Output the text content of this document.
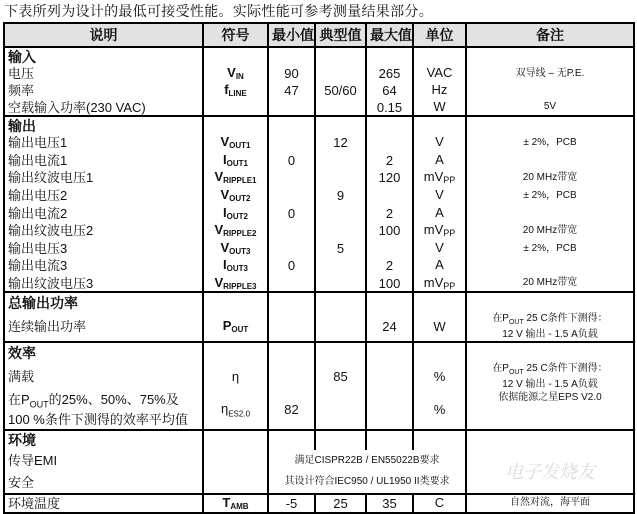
下表所列为设计的最低可接受性能。实际性能可参考测量结果部分。
说明	符号	最小值	典型值	最大值	单位	备注
输入						
电压	$V_{IN}$	90		265	VAC	双导线 – 无P.E.
频率	$f_{LINE}$	47	50/60	64	Hz	
空载输入功率(230 VAC)				0.15	W	5V
输出						
输出电压1	$V_{OUT1}$		12		V	± 2%，PCB
输出电流1	$I_{OUT1}$	0		2	A	
输出纹波电压1	$V_{RIPPLE1}$			120	$mV_{PP}$	20 MHz带宽
输出电压2	$V_{OUT2}$		9		V	± 2%，PCB
输出电流2	$I_{OUT2}$	0		2	A	
输出纹波电压2	$V_{RIPPLE2}$			100	$mV_{PP}$	20 MHz带宽
输出电压3	$V_{OUT3}$		5		V	± 2%，PCB
输出电流3	$I_{OUT3}$	0		2	A	
输出纹波电压3	$V_{RIPPLE3}$			100	$mV_{PP}$	20 MHz带宽
总输出功率						
连续输出功率	$P_{OUT}$			24	W	在$P_{OUT}$ 25 C条件下测得：
12 V 输出 - 1.5 A负载
效率						
满载	η		85		%	在$P_{OUT}$ 25 C条件下测得：
12 V 输出 - 1.5 A负载
在$P_{OUT}$的25%、50%、75%及
100 %条件下测得的效率平均值	$\eta_{ES2.0}$	82			%	依据能源之星EPS V2.0
环境						
传导EMI		满足CISPR22B / EN55022B要求				
安全		其设计符合IEC950 / UL1950 II类要求				
环境温度	$T_{AMB}$	-5	25	35	C	自然对流，海平面
电子发烧友
